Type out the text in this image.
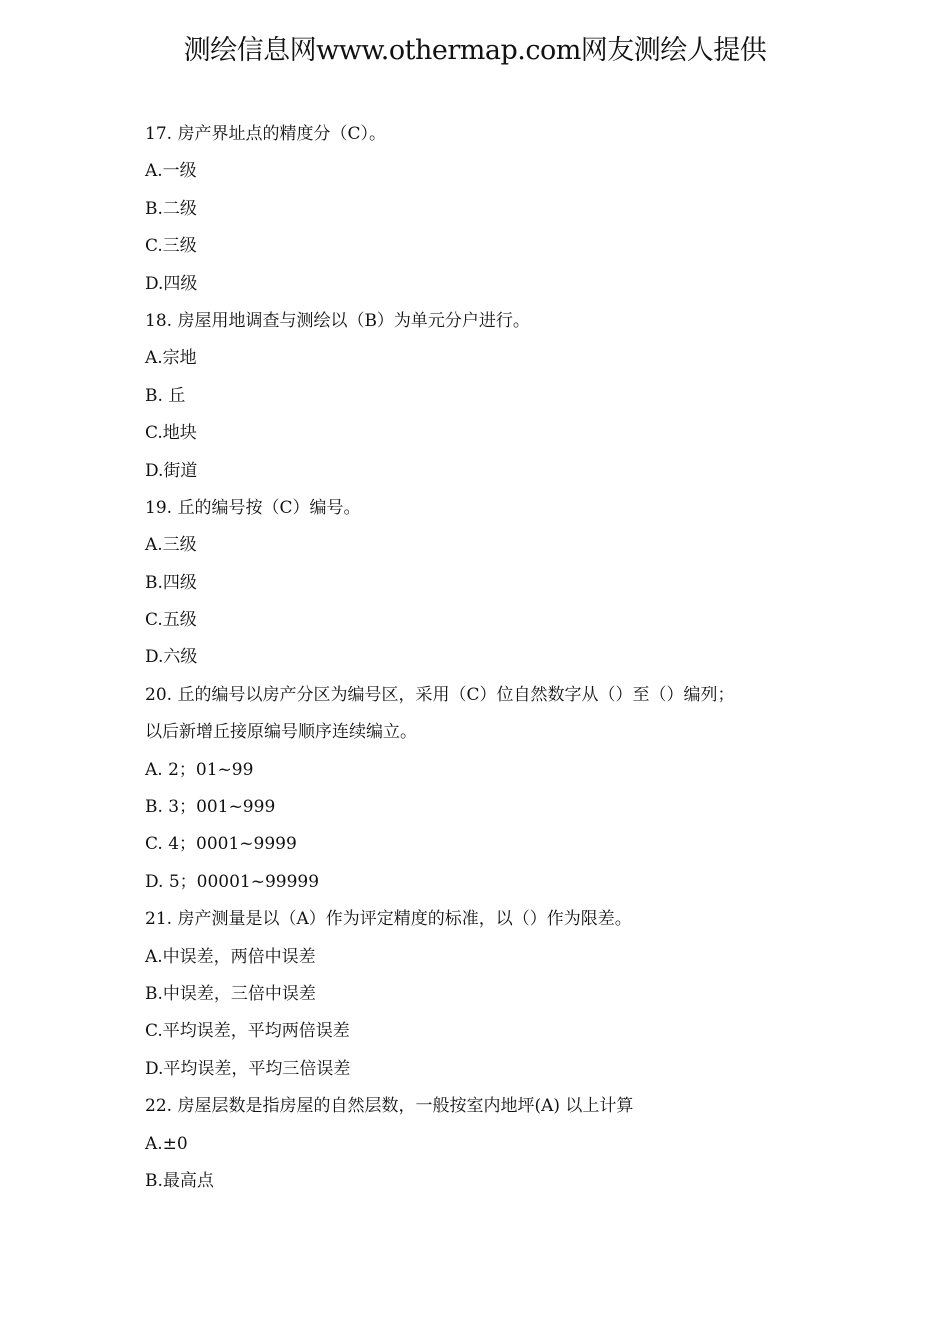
测绘信息网www.othermap.com网友测绘人提供
17. 房产界址点的精度分（C）。
A.一级
B.二级
C.三级
D.四级
18. 房屋用地调查与测绘以（B）为单元分户进行。
A.宗地
B. 丘
C.地块
D.街道
19. 丘的编号按（C）编号。
A.三级
B.四级
C.五级
D.六级
20. 丘的编号以房产分区为编号区，采用（C）位自然数字从（）至（）编列；
以后新增丘接原编号顺序连续编立。
A. 2；01~99
B. 3；001~999
C. 4；0001~9999
D. 5；00001~99999
21. 房产测量是以（A）作为评定精度的标准，以（）作为限差。
A.中误差，两倍中误差
B.中误差，三倍中误差
C.平均误差，平均两倍误差
D.平均误差，平均三倍误差
22. 房屋层数是指房屋的自然层数，一般按室内地坪(A) 以上计算
A.±0
B.最高点
